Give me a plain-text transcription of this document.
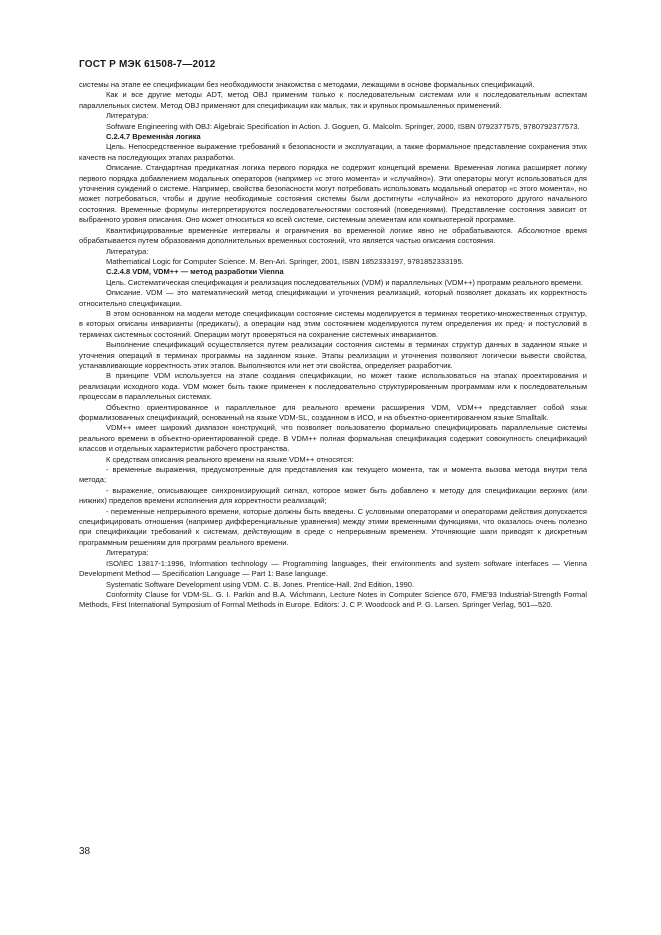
ГОСТ Р МЭК 61508-7—2012

системы на этапе ее спецификации без необходимости знакомства с методами, лежащими в основе формальных спецификаций.

Как и все другие методы ADT, метод OBJ применим только к последовательным системам или к последовательным аспектам параллельных систем. Метод OBJ применяют для спецификации как малых, так и крупных промышленных применений.

Литература:

Software Engineering with OBJ: Algebraic Specification in Action. J. Goguen, G. Malcolm. Springer, 2000, ISBN 0792377575, 9780792377573.

C.2.4.7 Временна̀я логика

Цель. Непосредственное выражение требований к безопасности и эксплуатации, а также формальное представление сохранения этих качеств на последующих этапах разработки.

Описание. Стандартная предикатная логика первого порядка не содержит концепций времени. Временная логика расширяет логику первого порядка добавлением модальных операторов (например «с этого момента» и «случайно»). Эти операторы могут использоваться для уточнения суждений о системе. Например, свойства безопасности могут потребовать использовать модальный оператор «с этого момента», но может потребоваться, чтобы и другие необходимые состояния системы были достигнуты «случайно» из некоторого другого начального состояния. Временные формулы интерпретируются последовательностями состояний (поведениями). Представление состояния зависит от выбранного уровня описания. Оно может относиться ко всей системе, системным элементам или компьютерной программе.

Квантифицированные временны̀е интервалы и ограничения во временной логике явно не обрабатываются. Абсолютное время обрабатывается путем образования дополнительных временных состояний, что является частью описания состояния.

Литература:

Mathematical Logic for Computer Science. M. Ben-Ari. Springer, 2001, ISBN 1852333197, 9781852333195.

C.2.4.8 VDM, VDM++ — метод разработки Vienna

Цель. Систематическая спецификация и реализация последовательных (VDM) и параллельных (VDM++) программ реального времени.

Описание. VDM — это математический метод спецификации и уточнения реализаций, который позволяет доказать их корректность относительно спецификации.

В этом основанном на модели методе спецификации состояние системы моделируется в терминах теоретико-множественных структур, в которых описаны инварианты (предикаты), а операции над этим состоянием моделируются путем определения их пред- и постусловий в терминах системных состояний. Операции могут проверяться на сохранение системных инвариантов.

Выполнение спецификаций осуществляется путем реализации состояния системы в терминах структур данных в заданном языке и уточнения операций в терминах программы на заданном языке. Этапы реализации и уточнения позволяют логически вывести свойства, устанавливающие корректность этих этапов. Выполняются или нет эти свойства, определяет разработчик.

В принципе VDM используется на этапе создания спецификации, но может также использоваться на этапах проектирования и реализации исходного кода. VDM может быть также применен к последовательно структурированным программам или к последовательным процессам в параллельных системах.

Объектно ориентированное и параллельное для реального времени расширения VDM, VDM++ представляет собой язык формализованных спецификаций, основанный на языке VDM-SL, созданном в ИСО, и на объектно-ориентированном языке Smalltalk.

VDM++ имеет широкий диапазон конструкций, что позволяет пользователю формально специфицировать параллельные системы реального времени в объектно-ориентированной среде. В VDM++ полная формальная спецификация содержит совокупность спецификаций классов и отдельных характеристик рабочего пространства.

К средствам описания реального времени на языке VDM++ относятся:

- временные выражения, предусмотренные для представления как текущего момента, так и момента вызова метода внутри тела метода;

- выражение, описывающее синхронизирующий сигнал, которое может быть добавлено к методу для спецификации верхних (или нижних) пределов времени исполнения для корректности реализаций;

- переменные непрерывного времени, которые должны быть введены. С условными операторами и операторами действия допускается специфицировать отношения (например дифференциальные уравнения) между этими временными функциями, что оказалось очень полезно при спецификации требований к системам, действующим в среде с непрерывным временем. Уточняющие шаги приводят к дискретным программным решениям для программ реального времени.

Литература:

ISO/IEC 13817-1:1996, Information technology — Programming languages, their environments and system software interfaces — Vienna Development Method — Specification Language — Part 1: Base language.

Systematic Software Development using VDM. C. B. Jones. Prentice-Hall. 2nd Edition, 1990.

Conformity Clause for VDM-SL. G. I. Parkin and B.A. Wichmann, Lecture Notes in Computer Science 670, FME'93 Industrial-Strength Formal Methods, First International Symposium of Formal Methods in Europe. Editors: J. C P. Woodcock and P. G. Larsen. Springer Verlag, 501—520.

38
